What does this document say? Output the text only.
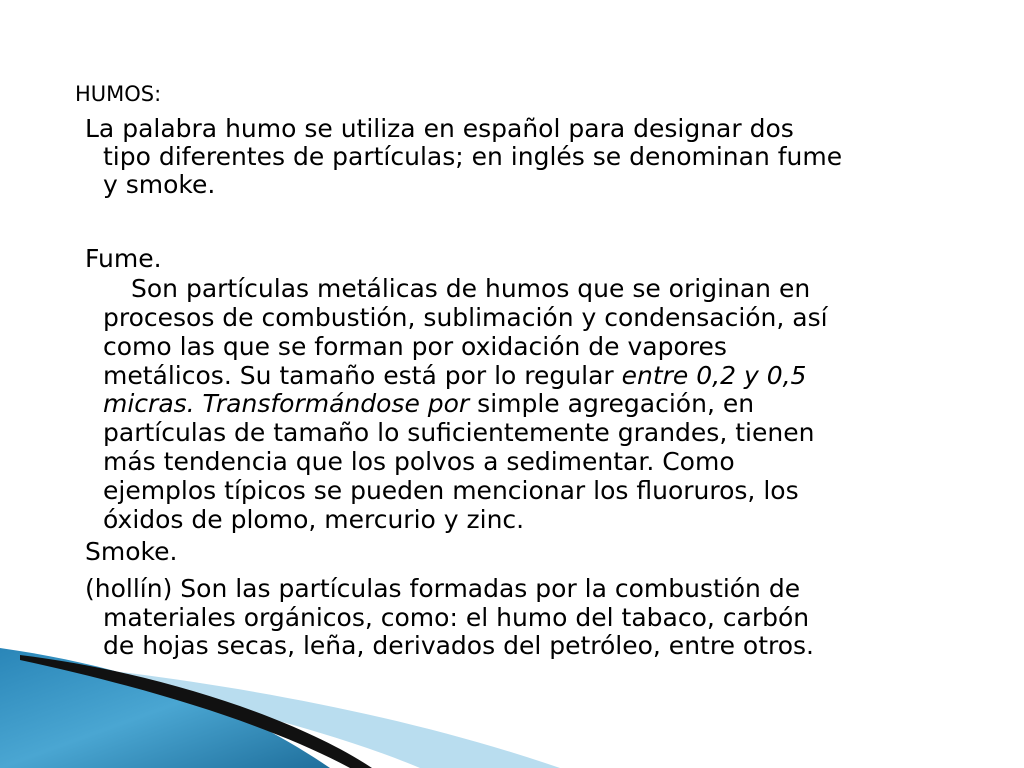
HUMOS:
La palabra humo se utiliza en español para designar dos
tipo diferentes de partículas; en inglés se denominan fume
y smoke.
Fume.
Son partículas metálicas de humos que se originan en
procesos de combustión, sublimación y condensación, así
como las que se forman por oxidación de vapores
metálicos. Su tamaño está por lo regular entre 0,2 y 0,5
micras. Transformándose por simple agregación, en
partículas de tamaño lo suficientemente grandes, tienen
más tendencia que los polvos a sedimentar. Como
ejemplos típicos se pueden mencionar los fluoruros, los
óxidos de plomo, mercurio y zinc.
Smoke.
(hollín) Son las partículas formadas por la combustión de
materiales orgánicos, como: el humo del tabaco, carbón
de hojas secas, leña, derivados del petróleo, entre otros.
